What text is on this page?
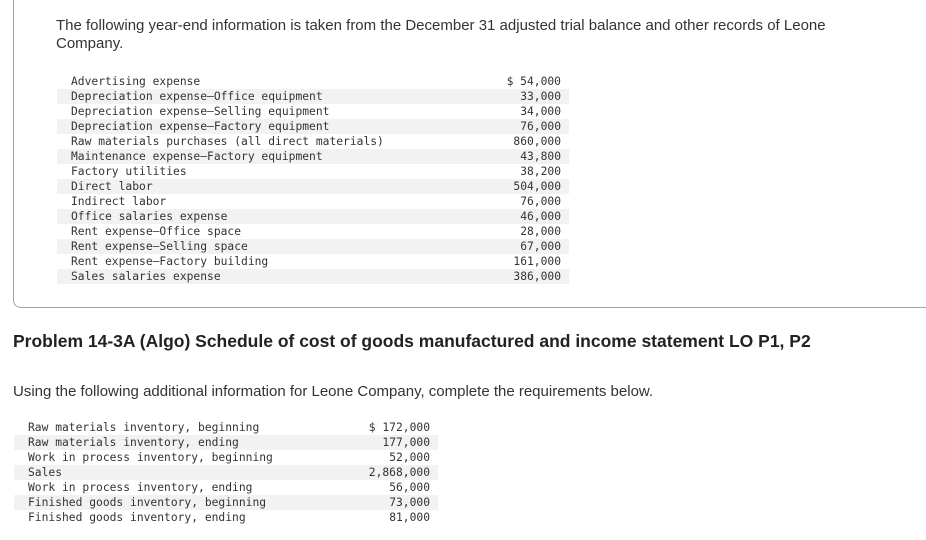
The following year-end information is taken from the December 31 adjusted trial balance and other records of Leone
Company.
Advertising expense	$ 54,000
Depreciation expense—Office equipment	33,000
Depreciation expense—Selling equipment	34,000
Depreciation expense—Factory equipment	76,000
Raw materials purchases (all direct materials)	860,000
Maintenance expense—Factory equipment	43,800
Factory utilities	38,200
Direct labor	504,000
Indirect labor	76,000
Office salaries expense	46,000
Rent expense—Office space	28,000
Rent expense—Selling space	67,000
Rent expense—Factory building	161,000
Sales salaries expense	386,000
Problem 14-3A (Algo) Schedule of cost of goods manufactured and income statement LO P1, P2
Using the following additional information for Leone Company, complete the requirements below.
Raw materials inventory, beginning	$ 172,000
Raw materials inventory, ending	177,000
Work in process inventory, beginning	52,000
Sales	2,868,000
Work in process inventory, ending	56,000
Finished goods inventory, beginning	73,000
Finished goods inventory, ending	81,000
